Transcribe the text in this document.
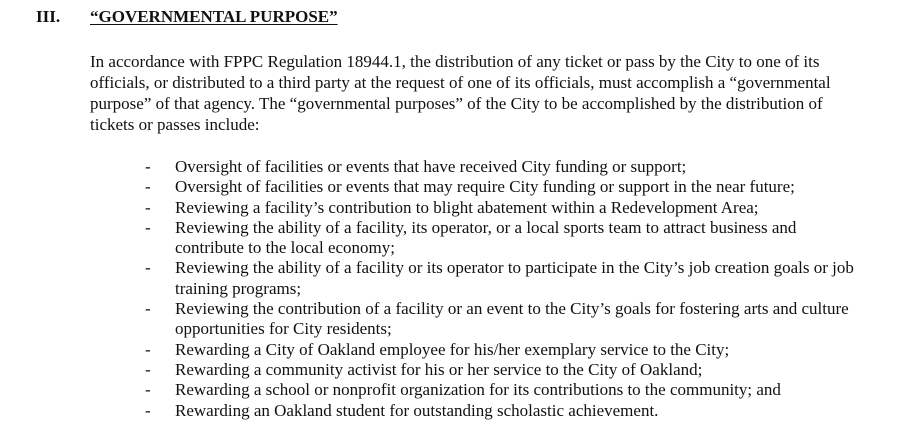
III. “GOVERNMENTAL PURPOSE”

In accordance with FPPC Regulation 18944.1, the distribution of any ticket or pass by the City to one of its officials, or distributed to a third party at the request of one of its officials, must accomplish a “governmental purpose” of that agency. The “governmental purposes” of the City to be accomplished by the distribution of tickets or passes include:

- Oversight of facilities or events that have received City funding or support;
- Oversight of facilities or events that may require City funding or support in the near future;
- Reviewing a facility’s contribution to blight abatement within a Redevelopment Area;
- Reviewing the ability of a facility, its operator, or a local sports team to attract business and contribute to the local economy;
- Reviewing the ability of a facility or its operator to participate in the City’s job creation goals or job training programs;
- Reviewing the contribution of a facility or an event to the City’s goals for fostering arts and culture opportunities for City residents;
- Rewarding a City of Oakland employee for his/her exemplary service to the City;
- Rewarding a community activist for his or her service to the City of Oakland;
- Rewarding a school or nonprofit organization for its contributions to the community; and
- Rewarding an Oakland student for outstanding scholastic achievement.
